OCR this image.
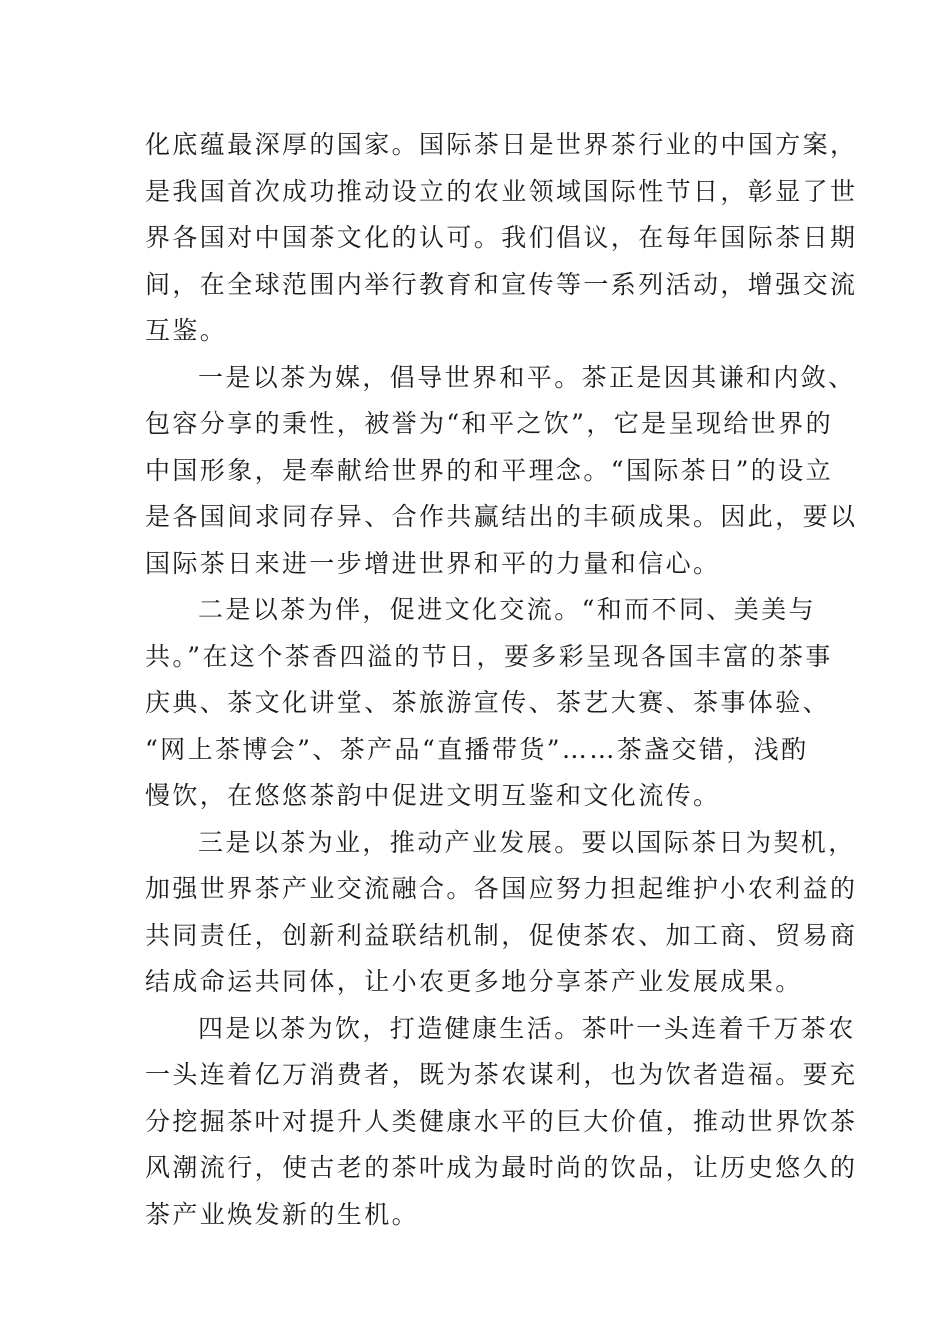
化底蕴最深厚的国家。国际茶日是世界茶行业的中国方案，
是我国首次成功推动设立的农业领域国际性节日，彰显了世
界各国对中国茶文化的认可。我们倡议，在每年国际茶日期
间，在全球范围内举行教育和宣传等一系列活动，增强交流
互鉴。
一是以茶为媒，倡导世界和平。茶正是因其谦和内敛、
包容分享的秉性，被誉为“和平之饮”，它是呈现给世界的
中国形象，是奉献给世界的和平理念。“国际茶日”的设立
是各国间求同存异、合作共赢结出的丰硕成果。因此，要以
国际茶日来进一步增进世界和平的力量和信心。
二是以茶为伴，促进文化交流。“和而不同、美美与
共。”在这个茶香四溢的节日，要多彩呈现各国丰富的茶事
庆典、茶文化讲堂、茶旅游宣传、茶艺大赛、茶事体验、
“网上茶博会”、茶产品“直播带货”……茶盏交错，浅酌
慢饮，在悠悠茶韵中促进文明互鉴和文化流传。
三是以茶为业，推动产业发展。要以国际茶日为契机，
加强世界茶产业交流融合。各国应努力担起维护小农利益的
共同责任，创新利益联结机制，促使茶农、加工商、贸易商
结成命运共同体，让小农更多地分享茶产业发展成果。
四是以茶为饮，打造健康生活。茶叶一头连着千万茶农
一头连着亿万消费者，既为茶农谋利，也为饮者造福。要充
分挖掘茶叶对提升人类健康水平的巨大价值，推动世界饮茶
风潮流行，使古老的茶叶成为最时尚的饮品，让历史悠久的
茶产业焕发新的生机。
